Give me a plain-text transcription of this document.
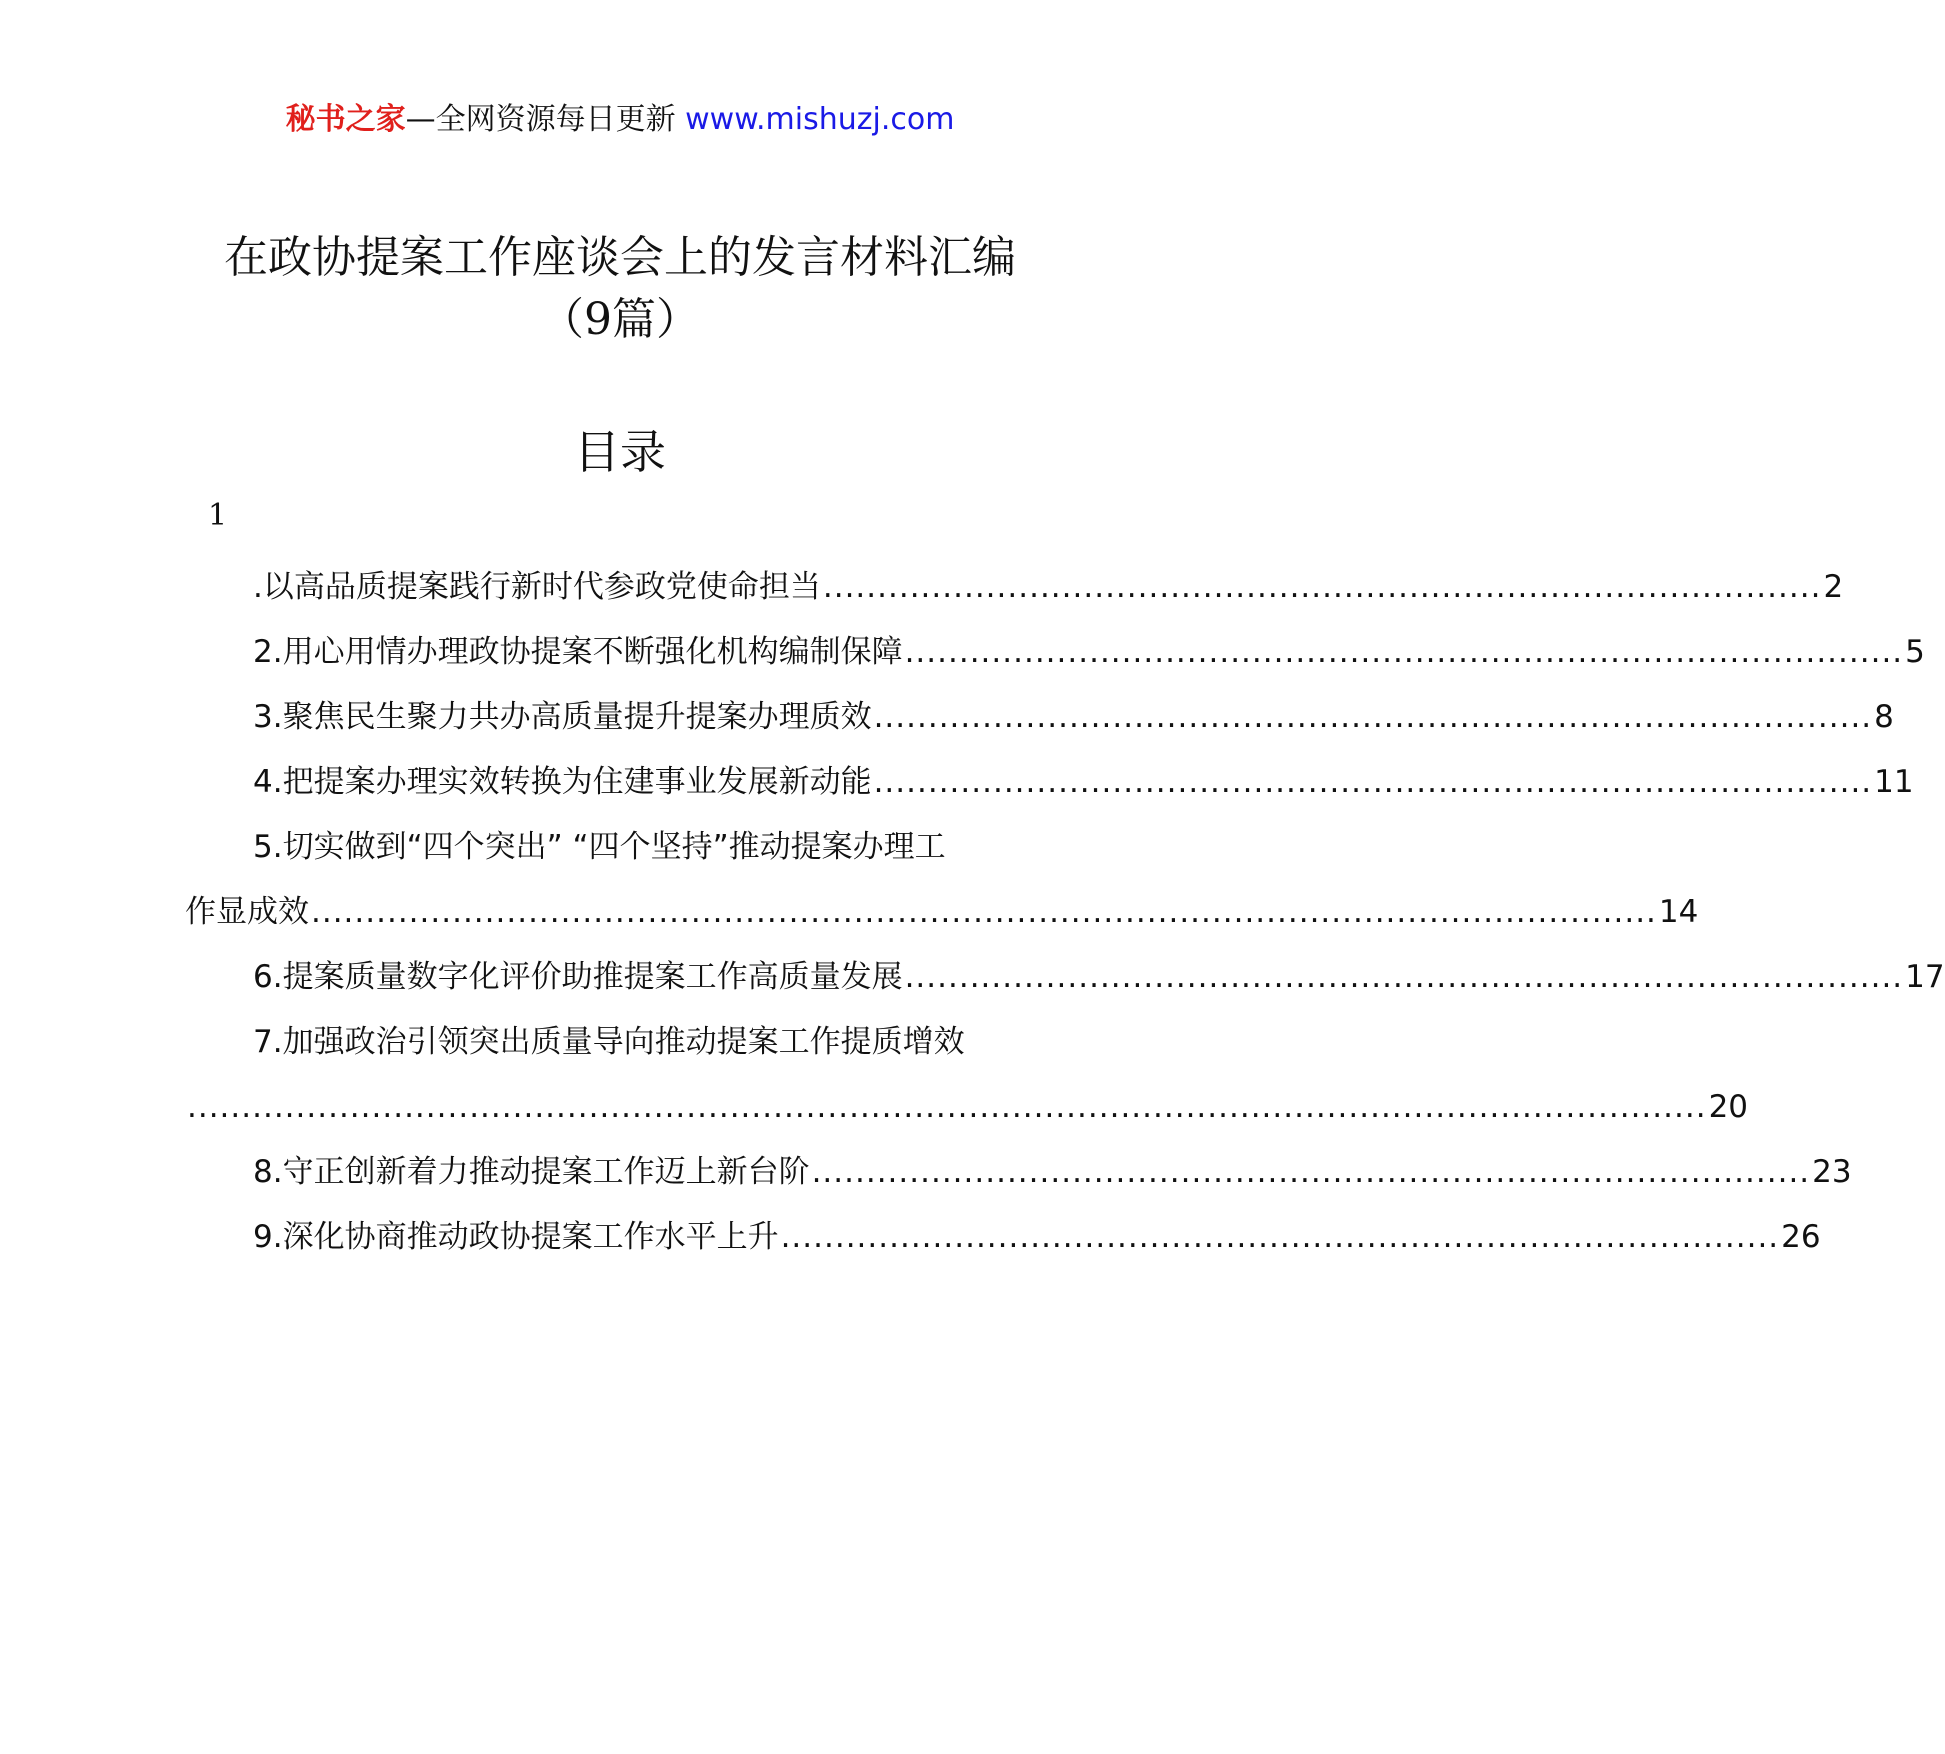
秘书之家—全网资源每日更新 www.mishuzj.com
在政协提案工作座谈会上的发言材料汇编
（9篇）
目录
1
.以高品质提案践行新时代参政党使命担当 ............................................................................................ 2
2.用心用情办理政协提案不断强化机构编制保障 ............................................................................................ 5
3.聚焦民生聚力共办高质量提升提案办理质效 ............................................................................................ 8
4.把提案办理实效转换为住建事业发展新动能 ............................................................................................ 11
5.切实做到“四个突出” “四个坚持”推动提案办理工
作显成效 ............................................................................................................................ 14
6.提案质量数字化评价助推提案工作高质量发展 ............................................................................................ 17
7.加强政治引领突出质量导向推动提案工作提质增效
............................................................................................................................................ 20
8.守正创新着力推动提案工作迈上新台阶 ............................................................................................ 23
9.深化协商推动政协提案工作水平上升 ............................................................................................ 26
